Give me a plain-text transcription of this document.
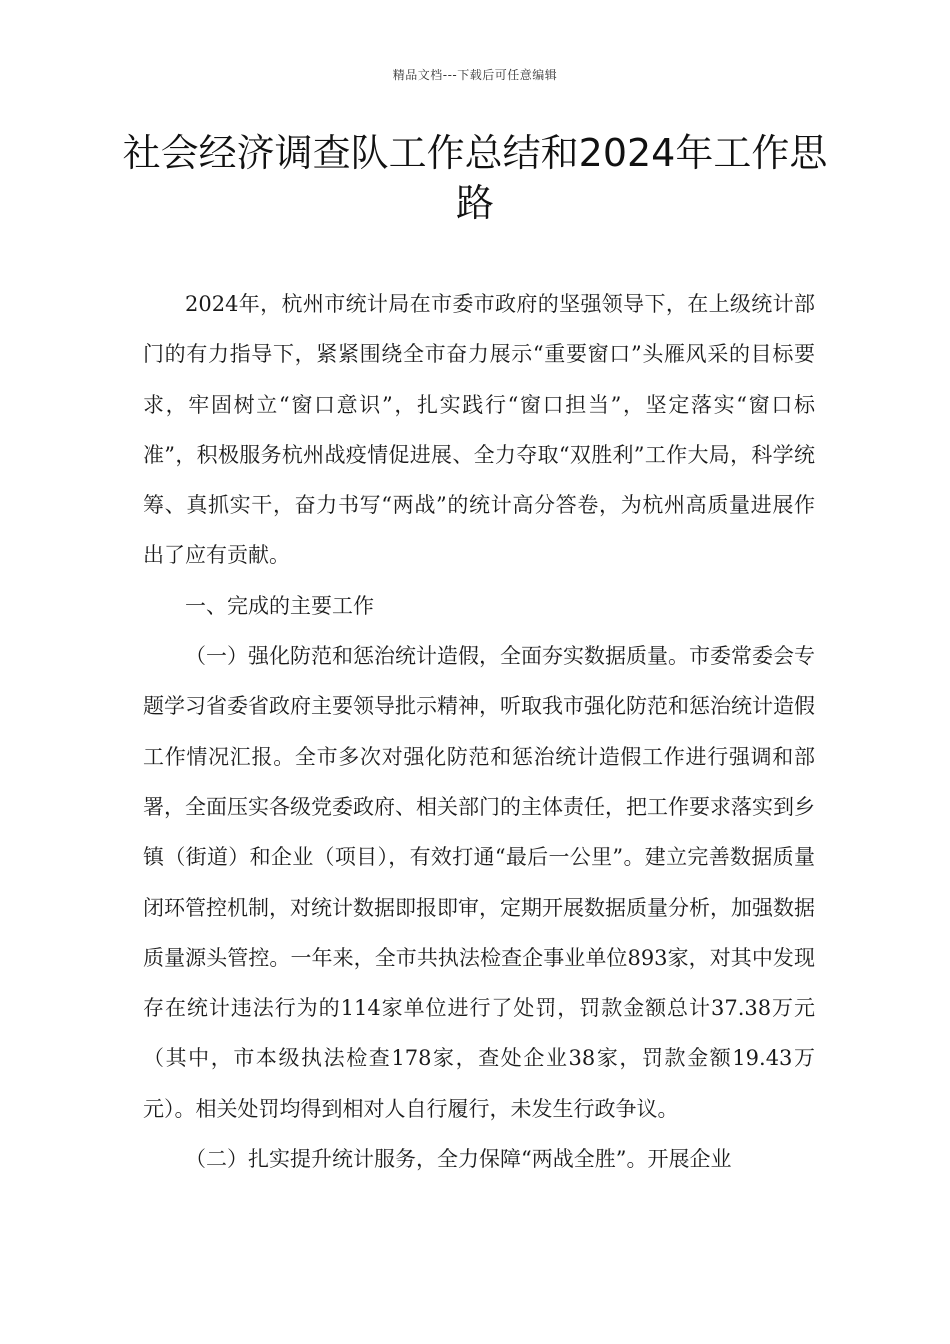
精品文档---下载后可任意编辑
社会经济调查队工作总结和2024年工作思路

2024年，杭州市统计局在市委市政府的坚强领导下，在上级统计部门的有力指导下，紧紧围绕全市奋力展示“重要窗口”头雁风采的目标要求，牢固树立“窗口意识”，扎实践行“窗口担当”，坚定落实“窗口标准”，积极服务杭州战疫情促进展、全力夺取“双胜利”工作大局，科学统筹、真抓实干，奋力书写“两战”的统计高分答卷，为杭州高质量进展作出了应有贡献。

一、完成的主要工作

（一）强化防范和惩治统计造假，全面夯实数据质量。市委常委会专题学习省委省政府主要领导批示精神，听取我市强化防范和惩治统计造假工作情况汇报。全市多次对强化防范和惩治统计造假工作进行强调和部署，全面压实各级党委政府、相关部门的主体责任，把工作要求落实到乡镇（街道）和企业（项目），有效打通“最后一公里”。建立完善数据质量闭环管控机制，对统计数据即报即审，定期开展数据质量分析，加强数据质量源头管控。一年来，全市共执法检查企事业单位893家，对其中发现存在统计违法行为的114家单位进行了处罚，罚款金额总计37.38万元（其中，市本级执法检查178家，查处企业38家，罚款金额19.43万元）。相关处罚均得到相对人自行履行，未发生行政争议。

（二）扎实提升统计服务，全力保障“两战全胜”。开展企业
